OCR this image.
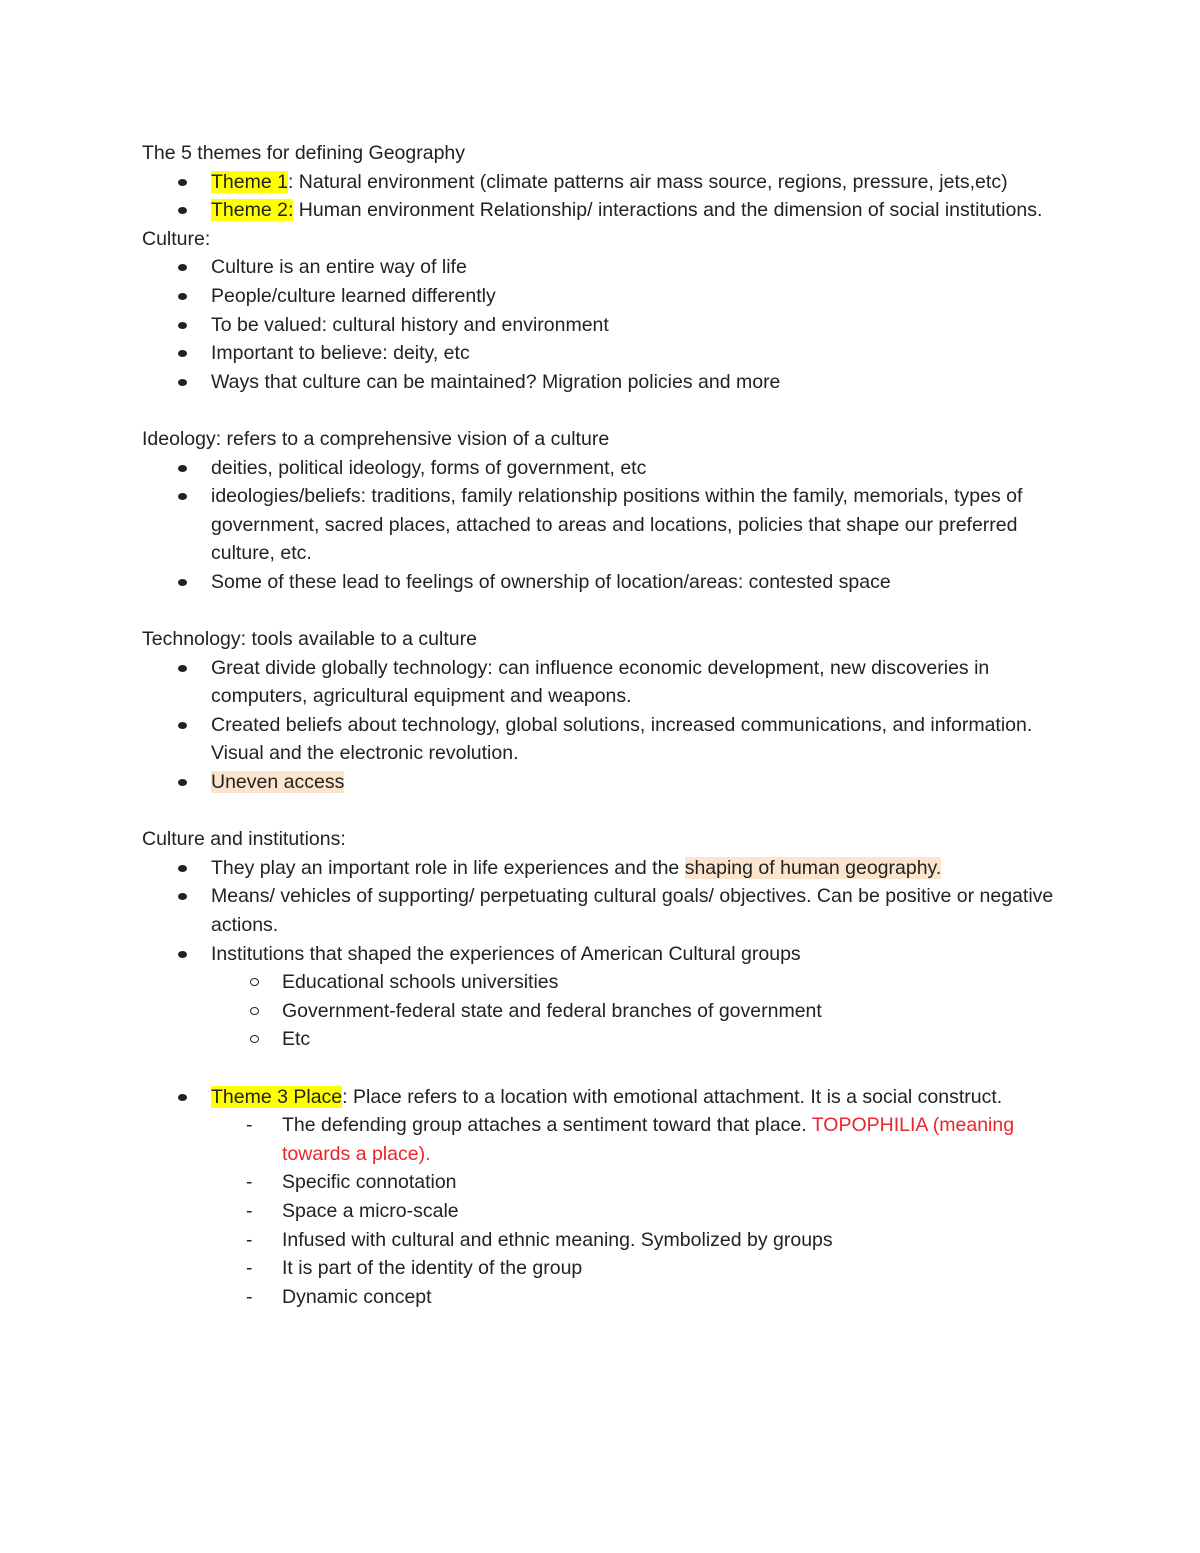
The 5 themes for defining Geography

Theme 1: Natural environment (climate patterns air mass source, regions, pressure, jets,etc)
Theme 2: Human environment Relationship/ interactions and the dimension of social institutions.

Culture:

Culture is an entire way of life
People/culture learned differently
To be valued: cultural history and environment
Important to believe: deity, etc
Ways that culture can be maintained? Migration policies and more

Ideology: refers to a comprehensive vision of a culture

deities, political ideology, forms of government, etc
ideologies/beliefs: traditions, family relationship positions within the family, memorials, types of government, sacred places, attached to areas and locations, policies that shape our preferred culture, etc.
Some of these lead to feelings of ownership of location/areas: contested space

Technology: tools available to a culture

Great divide globally technology: can influence economic development, new discoveries in computers, agricultural equipment and weapons.
Created beliefs about technology, global solutions, increased communications, and information. Visual and the electronic revolution.
Uneven access

Culture and institutions:

They play an important role in life experiences and the shaping of human geography.
Means/ vehicles of supporting/ perpetuating cultural goals/ objectives. Can be positive or negative actions.
Institutions that shaped the experiences of American Cultural groups
Educational schools universities
Government-federal state and federal branches of government
Etc
Theme 3 Place: Place refers to a location with emotional attachment. It is a social construct.
- The defending group attaches a sentiment toward that place. TOPOPHILIA (meaning towards a place).
- Specific connotation
- Space a micro-scale
- Infused with cultural and ethnic meaning. Symbolized by groups
- It is part of the identity of the group
- Dynamic concept
